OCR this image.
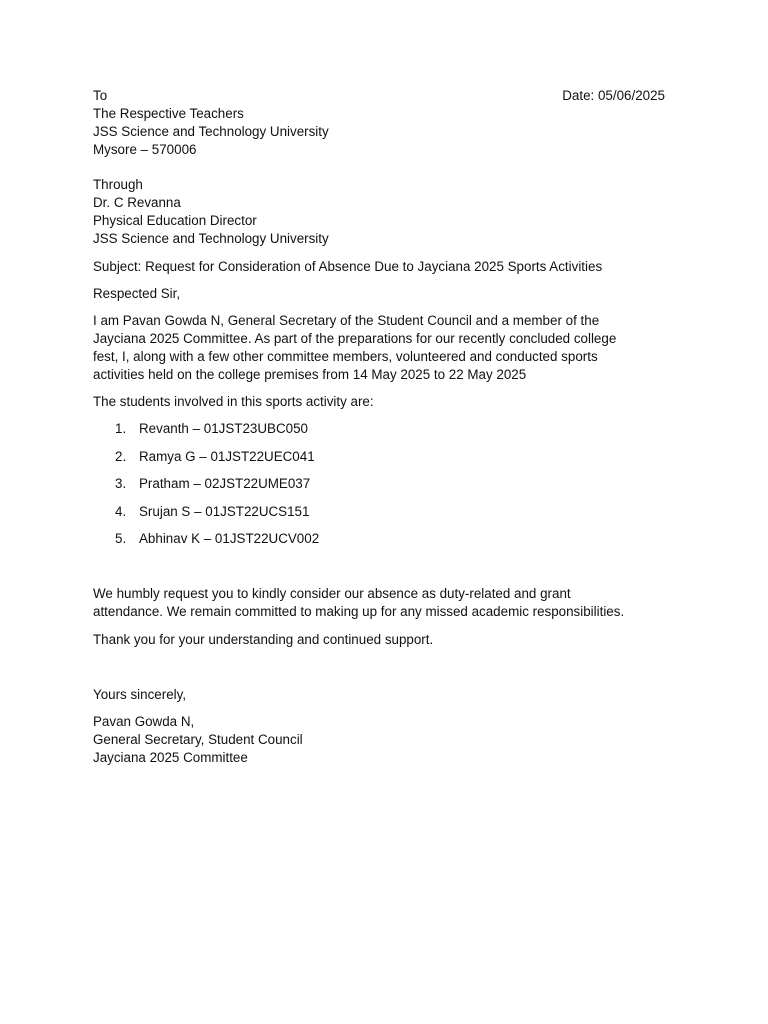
To	Date: 05/06/2025
The Respective Teachers
JSS Science and Technology University
Mysore – 570006
Through
Dr. C Revanna
Physical Education Director
JSS Science and Technology University

Subject: Request for Consideration of Absence Due to Jayciana 2025 Sports Activities

Respected Sir,

I am Pavan Gowda N, General Secretary of the Student Council and a member of the
Jayciana 2025 Committee. As part of the preparations for our recently concluded college
fest, I, along with a few other committee members, volunteered and conducted sports
activities held on the college premises from 14 May 2025 to 22 May 2025

The students involved in this sports activity are:

1. Revanth – 01JST23UBC050
2. Ramya G – 01JST22UEC041
3. Pratham – 02JST22UME037
4. Srujan S – 01JST22UCS151
5. Abhinav K – 01JST22UCV002
We humbly request you to kindly consider our absence as duty-related and grant
attendance. We remain committed to making up for any missed academic responsibilities.

Thank you for your understanding and continued support.

Yours sincerely,

Pavan Gowda N,
General Secretary, Student Council
Jayciana 2025 Committee
